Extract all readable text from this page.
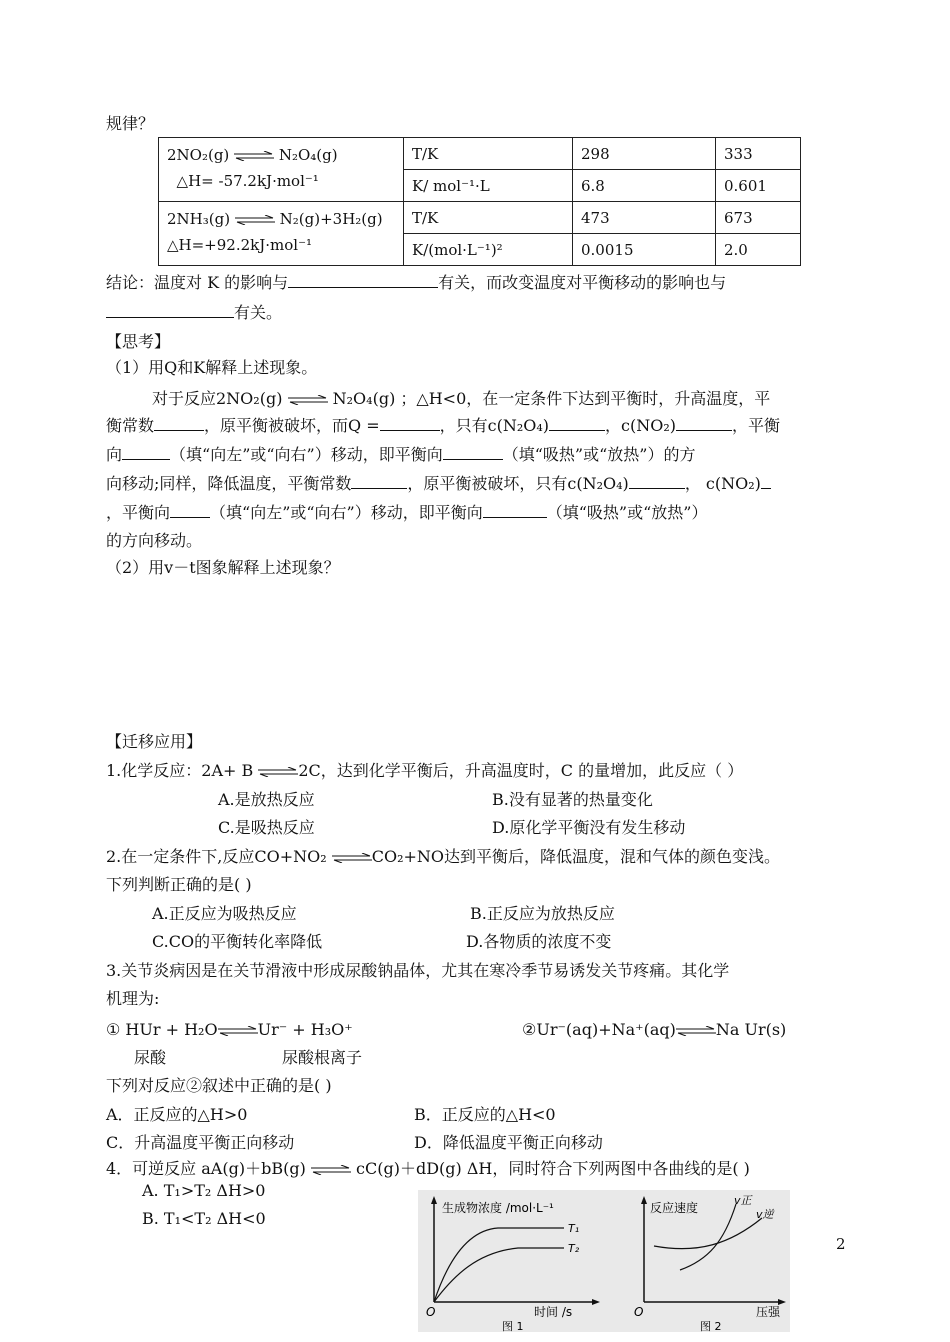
规律？
2NO₂(g) ⇌ N₂O₄(g)
△H= -57.2kJ·mol⁻¹	T/K	298	333
	K/ mol⁻¹·L	6.8	0.601
2NH₃(g) ⇌ N₂(g)+3H₂(g)
△H=+92.2kJ·mol⁻¹	T/K	473	673
	K/(mol·L⁻¹)²	0.0015	2.0
结论：温度对 K 的影响与	有关，而改变温度对平衡移动的影响也与
有关。
【思考】
（1）用Q和K解释上述现象。
对于反应2NO₂(g) ⇌ N₂O₄(g) ；△H<0，在一定条件下达到平衡时，升高温度，平
衡常数	，原平衡被破坏，而Q =	，只有c(N₂O₄)	，c(NO₂)	，平衡
向	（填“向左”或“向右”）移动，即平衡向	（填“吸热”或“放热”）的方
向移动;同样，降低温度，平衡常数	，原平衡被破坏，只有c(N₂O₄)	， c(NO₂)
，平衡向	（填“向左”或“向右”）移动，即平衡向	（填“吸热”或“放热”）
的方向移动。
（2）用v－t图象解释上述现象？
【迁移应用】
1.化学反应：2A+ B ⇌2C，达到化学平衡后，升高温度时，C 的量增加，此反应（ ）
A.是放热反应	B.没有显著的热量变化
C.是吸热反应	D.原化学平衡没有发生移动
2.在一定条件下,反应CO+NO₂ ⇌CO₂+NO达到平衡后，降低温度，混和气体的颜色变浅。
下列判断正确的是( )
A.正反应为吸热反应	B.正反应为放热反应
C.CO的平衡转化率降低	D.各物质的浓度不变
3.关节炎病因是在关节滑液中形成尿酸钠晶体，尤其在寒冷季节易诱发关节疼痛。其化学
机理为:
① HUr + H₂O⇌Ur⁻ + H₃O⁺	②Ur⁻(aq)+Na⁺(aq)⇌Na Ur(s)
尿酸	尿酸根离子
下列对反应②叙述中正确的是( )
A．正反应的△H>0	B．正反应的△H<0
C．升高温度平衡正向移动	D．降低温度平衡正向移动
4．可逆反应 aA(g)＋bB(g) ⇌ cC(g)＋dD(g) ΔH，同时符合下列两图中各曲线的是( )
A. T₁>T₂ ΔH>0
B. T₁<T₂ ΔH<0
生成物浓度 /mol·L⁻¹
T₁
T₂
O	时间 /s
图 1
反应速度
v正
v逆
O	压强
图 2
2
